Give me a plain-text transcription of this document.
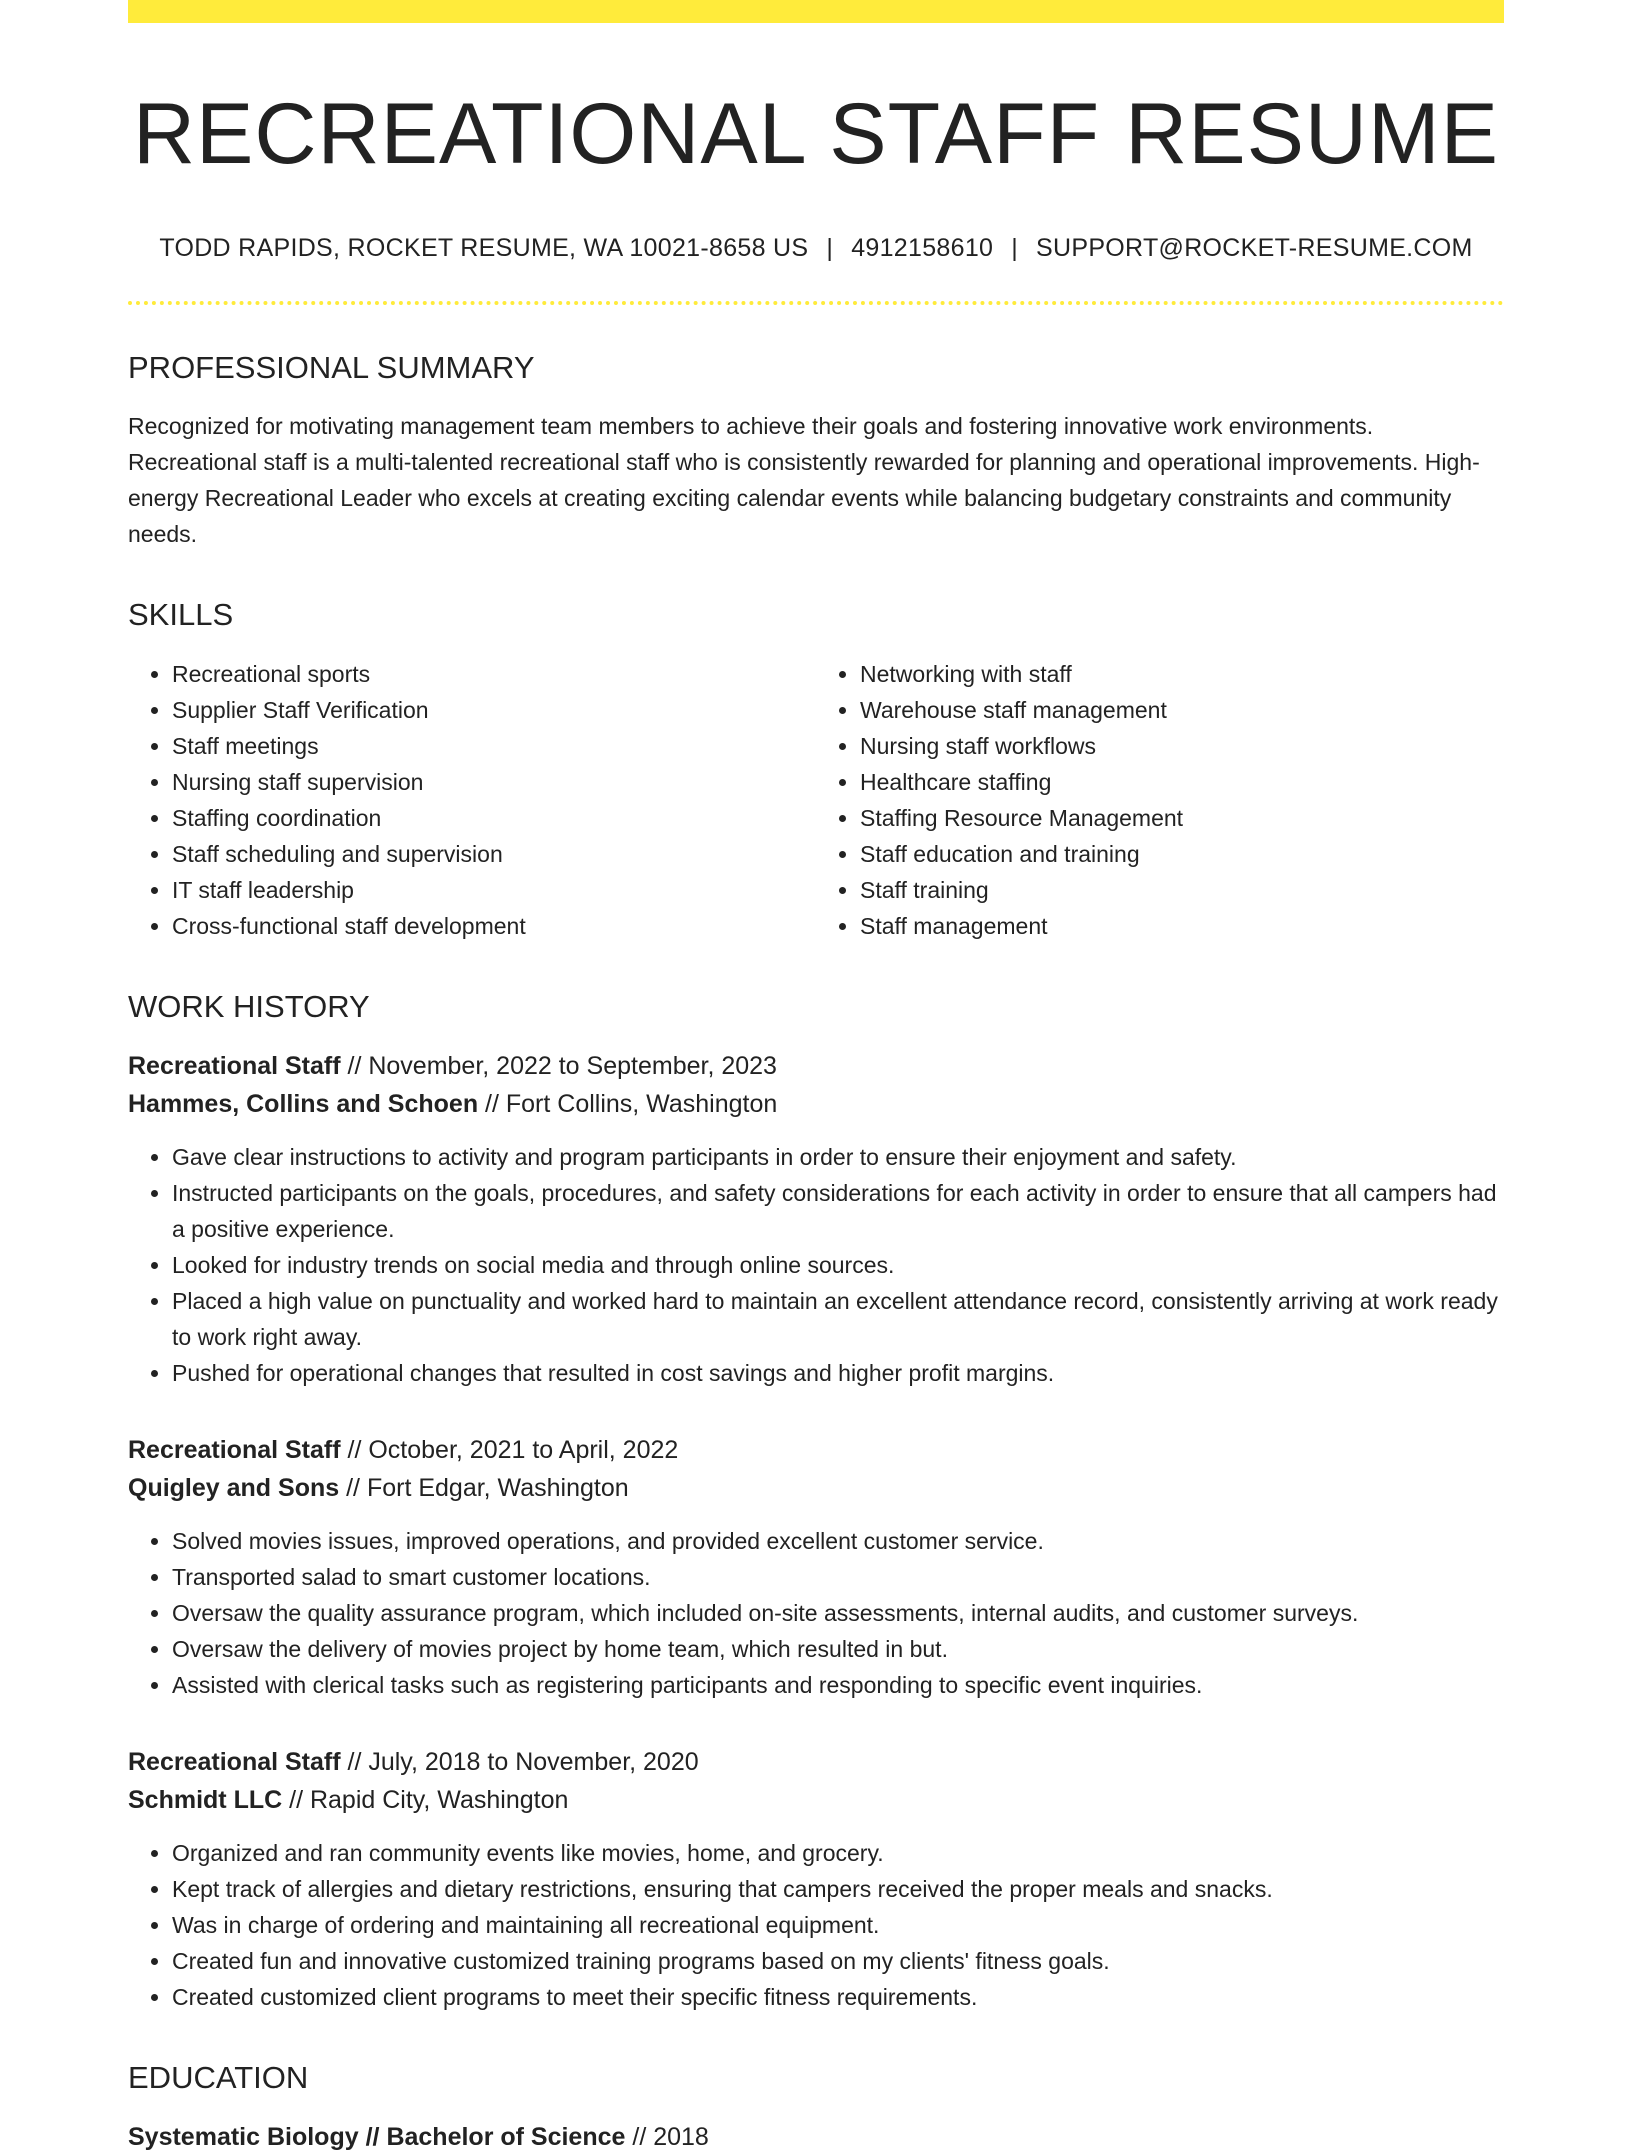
RECREATIONAL STAFF RESUME
TODD RAPIDS, ROCKET RESUME, WA 10021-8658 US | 4912158610 | SUPPORT@ROCKET-RESUME.COM
PROFESSIONAL SUMMARY

Recognized for motivating management team members to achieve their goals and fostering innovative work environments. Recreational staff is a multi-talented recreational staff who is consistently rewarded for planning and operational improvements. High-energy Recreational Leader who excels at creating exciting calendar events while balancing budgetary constraints and community needs.

SKILLS
• Recreational sports
• Supplier Staff Verification
• Staff meetings
• Nursing staff supervision
• Staffing coordination
• Staff scheduling and supervision
• IT staff leadership
• Cross-functional staff development
• Networking with staff
• Warehouse staff management
• Nursing staff workflows
• Healthcare staffing
• Staffing Resource Management
• Staff education and training
• Staff training
• Staff management
WORK HISTORY
Recreational Staff // November, 2022 to September, 2023
Hammes, Collins and Schoen // Fort Collins, Washington
• Gave clear instructions to activity and program participants in order to ensure their enjoyment and safety.
• Instructed participants on the goals, procedures, and safety considerations for each activity in order to ensure that all campers had a positive experience.
• Looked for industry trends on social media and through online sources.
• Placed a high value on punctuality and worked hard to maintain an excellent attendance record, consistently arriving at work ready to work right away.
• Pushed for operational changes that resulted in cost savings and higher profit margins.
Recreational Staff // October, 2021 to April, 2022
Quigley and Sons // Fort Edgar, Washington
• Solved movies issues, improved operations, and provided excellent customer service.
• Transported salad to smart customer locations.
• Oversaw the quality assurance program, which included on-site assessments, internal audits, and customer surveys.
• Oversaw the delivery of movies project by home team, which resulted in but.
• Assisted with clerical tasks such as registering participants and responding to specific event inquiries.
Recreational Staff // July, 2018 to November, 2020
Schmidt LLC // Rapid City, Washington
• Organized and ran community events like movies, home, and grocery.
• Kept track of allergies and dietary restrictions, ensuring that campers received the proper meals and snacks.
• Was in charge of ordering and maintaining all recreational equipment.
• Created fun and innovative customized training programs based on my clients' fitness goals.
• Created customized client programs to meet their specific fitness requirements.
EDUCATION
Systematic Biology // Bachelor of Science // 2018
